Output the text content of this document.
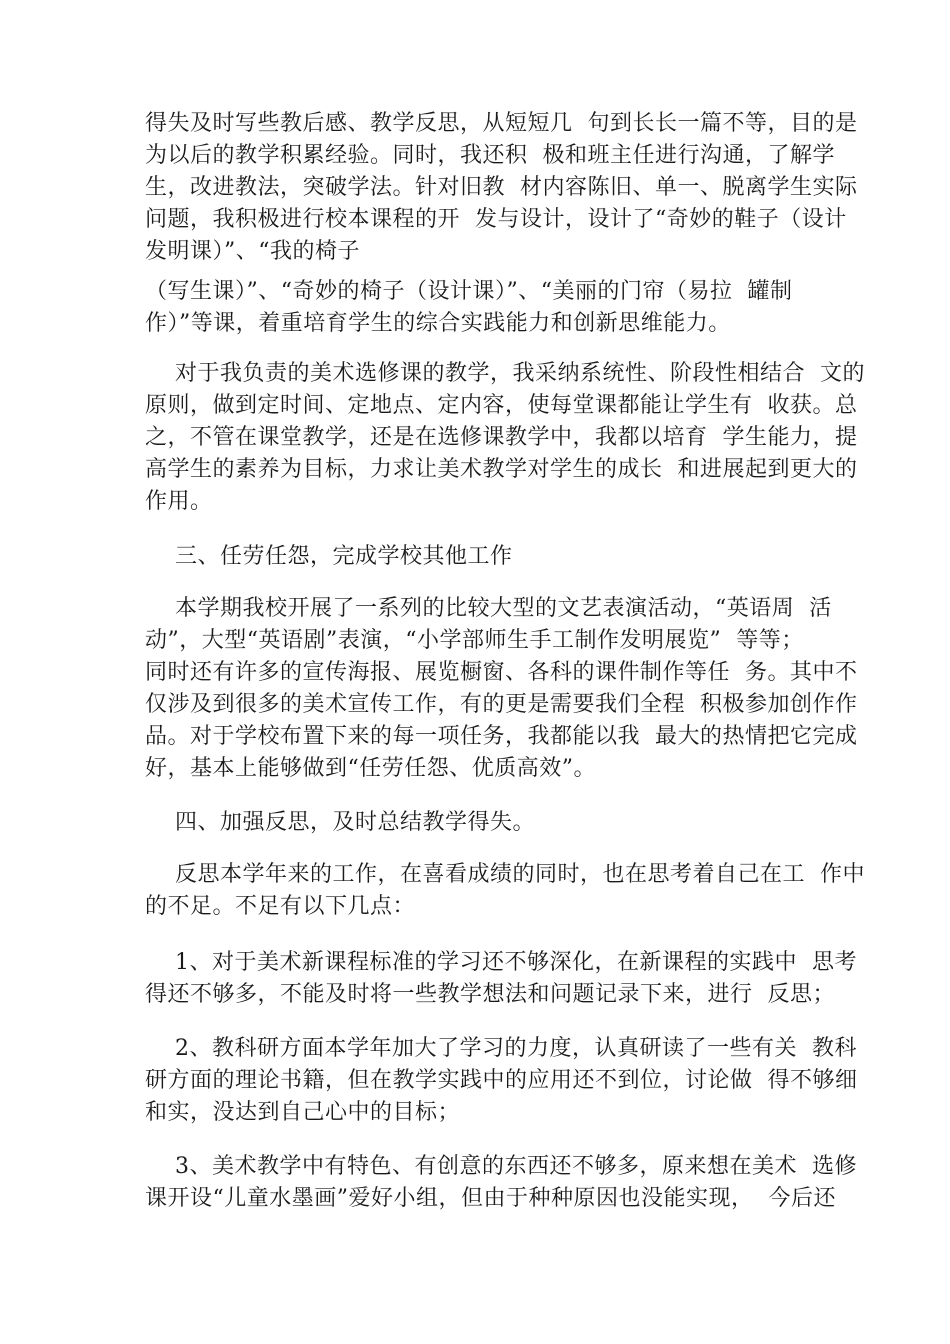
得失及时写些教后感、教学反思，从短短几  句到长长一篇不等，目的是
为以后的教学积累经验。同时，我还积  极和班主任进行沟通，了解学
生，改进教法，突破学法。针对旧教  材内容陈旧、单一、脱离学生实际
问题，我积极进行校本课程的开  发与设计，设计了“奇妙的鞋子（设计
发明课）”、“我的椅子
（写生课）”、“奇妙的椅子（设计课）”、“美丽的门帘（易拉  罐制
作）”等课，着重培育学生的综合实践能力和创新思维能力。

对于我负责的美术选修课的教学，我采纳系统性、阶段性相结合  文的
原则，做到定时间、定地点、定内容，使每堂课都能让学生有  收获。总
之，不管在课堂教学，还是在选修课教学中，我都以培育  学生能力，提
高学生的素养为目标，力求让美术教学对学生的成长  和进展起到更大的
作用。

三、任劳任怨，完成学校其他工作

本学期我校开展了一系列的比较大型的文艺表演活动，“英语周  活
动”，大型“英语剧”表演，“小学部师生手工制作发明展览”  等等；
同时还有许多的宣传海报、展览橱窗、各科的课件制作等任  务。其中不
仅涉及到很多的美术宣传工作，有的更是需要我们全程  积极参加创作作
品。对于学校布置下来的每一项任务，我都能以我  最大的热情把它完成
好，基本上能够做到“任劳任怨、优质高效”。

四、加强反思，及时总结教学得失。

反思本学年来的工作，在喜看成绩的同时，也在思考着自己在工  作中
的不足。不足有以下几点：

1、对于美术新课程标准的学习还不够深化，在新课程的实践中  思考
得还不够多，不能及时将一些教学想法和问题记录下来，进行  反思；

2、教科研方面本学年加大了学习的力度，认真研读了一些有关  教科
研方面的理论书籍，但在教学实践中的应用还不到位，讨论做  得不够细
和实，没达到自己心中的目标；

3、美术教学中有特色、有创意的东西还不够多，原来想在美术  选修
课开设“儿童水墨画”爱好小组，但由于种种原因也没能实现，  今后还
